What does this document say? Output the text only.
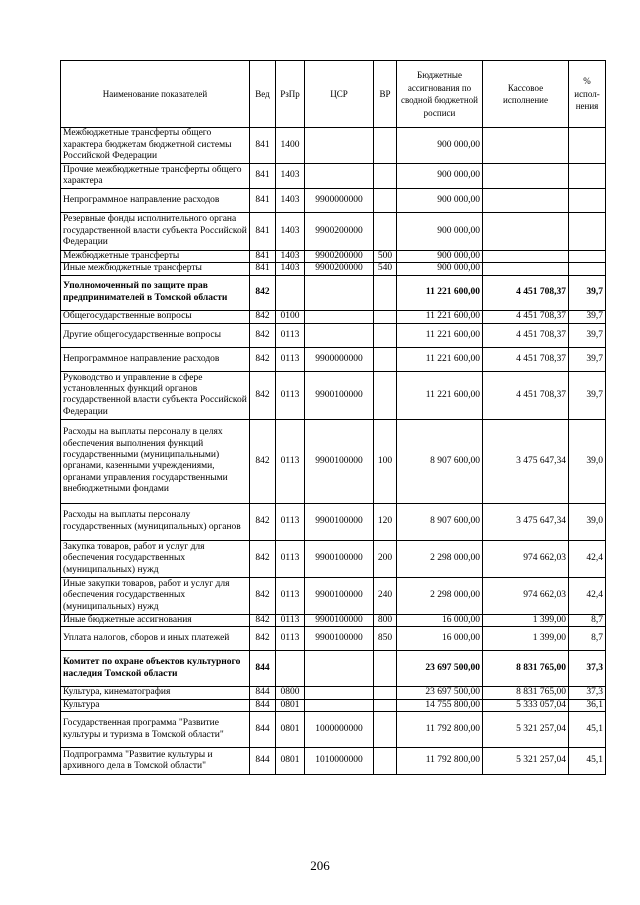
Наименование показателей	Вед	РзПр	ЦСР	ВР	Бюджетные ассигнования по сводной бюджетной росписи	Кассовое исполнение	% испол-нения
Межбюджетные трансферты общего характера бюджетам бюджетной системы Российской Федерации	841	1400			900 000,00		
Прочие межбюджетные трансферты общего характера	841	1403			900 000,00		
Непрограммное направление расходов	841	1403	9900000000		900 000,00		
Резервные фонды исполнительного органа государственной власти субъекта Российской Федерации	841	1403	9900200000		900 000,00		
Межбюджетные трансферты	841	1403	9900200000	500	900 000,00		
Иные межбюджетные трансферты	841	1403	9900200000	540	900 000,00		
Уполномоченный по защите прав предпринимателей в Томской области	842				11 221 600,00	4 451 708,37	39,7
Общегосударственные вопросы	842	0100			11 221 600,00	4 451 708,37	39,7
Другие общегосударственные вопросы	842	0113			11 221 600,00	4 451 708,37	39,7
Непрограммное направление расходов	842	0113	9900000000		11 221 600,00	4 451 708,37	39,7
Руководство и управление в сфере установленных функций органов государственной власти субъекта Российской Федерации	842	0113	9900100000		11 221 600,00	4 451 708,37	39,7
Расходы на выплаты персоналу в целях обеспечения выполнения функций государственными (муниципальными) органами, казенными учреждениями, органами управления государственными внебюджетными фондами	842	0113	9900100000	100	8 907 600,00	3 475 647,34	39,0
Расходы на выплаты персоналу государственных (муниципальных) органов	842	0113	9900100000	120	8 907 600,00	3 475 647,34	39,0
Закупка товаров, работ и услуг для обеспечения государственных (муниципальных) нужд	842	0113	9900100000	200	2 298 000,00	974 662,03	42,4
Иные закупки товаров, работ и услуг для обеспечения государственных (муниципальных) нужд	842	0113	9900100000	240	2 298 000,00	974 662,03	42,4
Иные бюджетные ассигнования	842	0113	9900100000	800	16 000,00	1 399,00	8,7
Уплата налогов, сборов и иных платежей	842	0113	9900100000	850	16 000,00	1 399,00	8,7
Комитет по охране объектов культурного наследия Томской области	844				23 697 500,00	8 831 765,00	37,3
Культура, кинематография	844	0800			23 697 500,00	8 831 765,00	37,3
Культура	844	0801			14 755 800,00	5 333 057,04	36,1
Государственная программа "Развитие культуры и туризма в Томской области"	844	0801	1000000000		11 792 800,00	5 321 257,04	45,1
Подпрограмма "Развитие культуры и архивного дела в Томской области"	844	0801	1010000000		11 792 800,00	5 321 257,04	45,1
206
